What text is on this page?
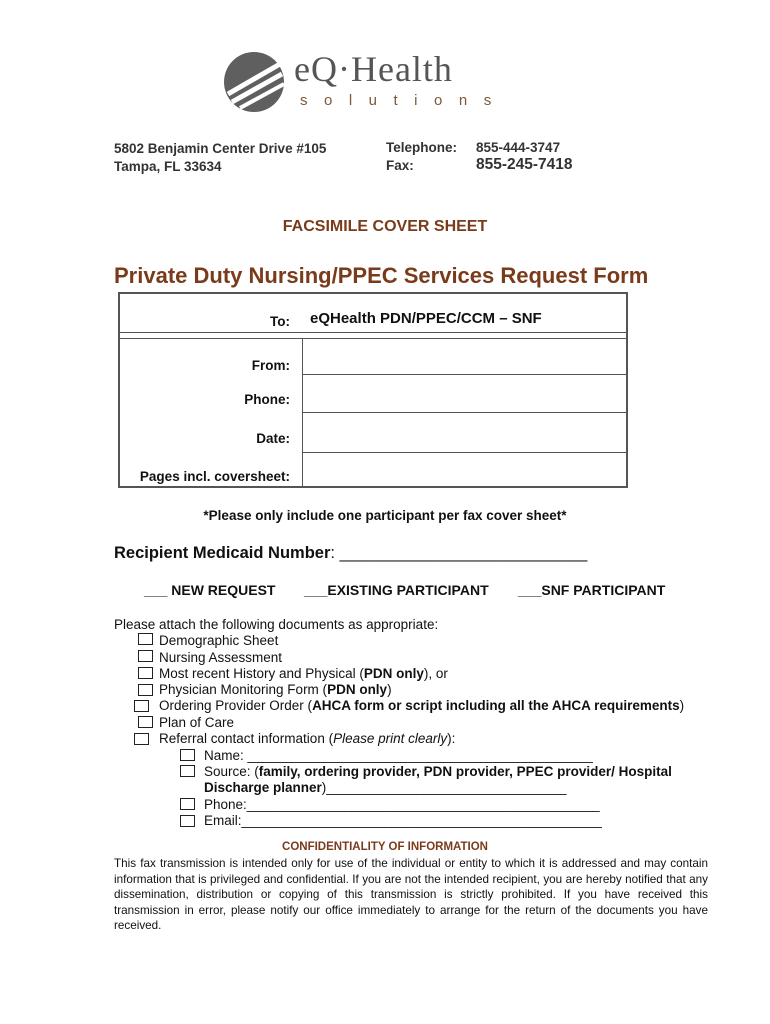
eQ·Health
solutions
5802 Benjamin Center Drive #105
Tampa, FL 33634
Telephone: 855-444-3747
Fax:	855-245-7418
FACSIMILE COVER SHEET
Private Duty Nursing/PPEC Services Request Form
To: eQHealth PDN/PPEC/CCM – SNF
From:
Phone:
Date:
Pages incl. coversheet:
*Please only include one participant per fax cover sheet*
Recipient Medicaid Number: ___________________________
___ NEW REQUEST ___EXISTING PARTICIPANT ___SNF PARTICIPANT
Please attach the following documents as appropriate:
Demographic Sheet
Nursing Assessment
Most recent History and Physical (PDN only), or
Physician Monitoring Form (PDN only)
Ordering Provider Order (AHCA form or script including all the AHCA requirements)
Plan of Care
Referral contact information (Please print clearly):
Name: ______________________________________________
Source: (family, ordering provider, PDN provider, PPEC provider/ Hospital
Discharge planner)________________________________
Phone:_______________________________________________
Email:________________________________________________
CONFIDENTIALITY OF INFORMATION
This fax transmission is intended only for use of the individual or entity to which it is addressed and may contain information that is privileged and confidential. If you are not the intended recipient, you are hereby notified that any dissemination, distribution or copying of this transmission is strictly prohibited. If you have received this transmission in error, please notify our office immediately to arrange for the return of the documents you have received.
